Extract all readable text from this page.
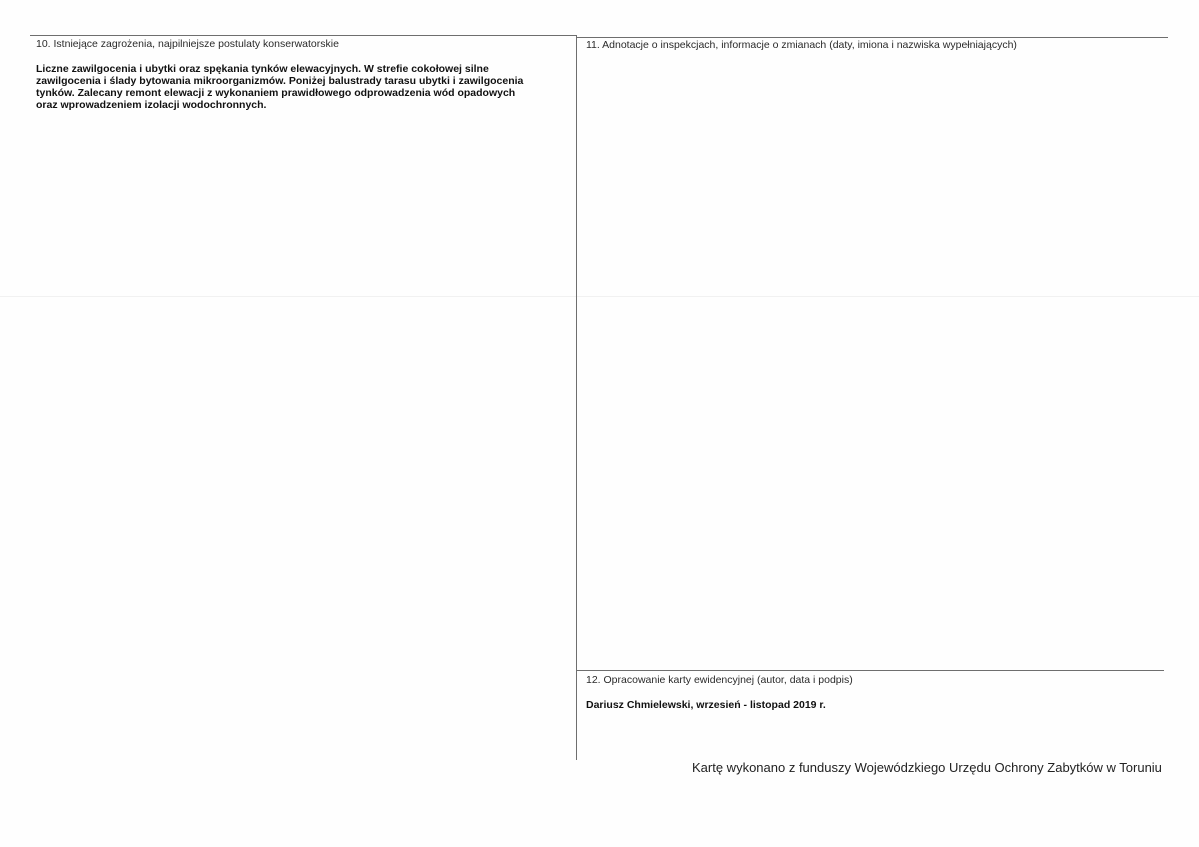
10. Istniejące zagrożenia, najpilniejsze postulaty konserwatorskie
Liczne zawilgocenia i ubytki oraz spękania tynków elewacyjnych. W strefie cokołowej silne
zawilgocenia i ślady bytowania mikroorganizmów. Poniżej balustrady tarasu ubytki i zawilgocenia
tynków. Zalecany remont elewacji z wykonaniem prawidłowego odprowadzenia wód opadowych
oraz wprowadzeniem izolacji wodochronnych.
11. Adnotacje o inspekcjach, informacje o zmianach (daty, imiona i nazwiska wypełniających)
12. Opracowanie karty ewidencyjnej (autor, data i podpis)
Dariusz Chmielewski, wrzesień - listopad 2019 r.
Kartę wykonano z funduszy Wojewódzkiego Urzędu Ochrony Zabytków w Toruniu
